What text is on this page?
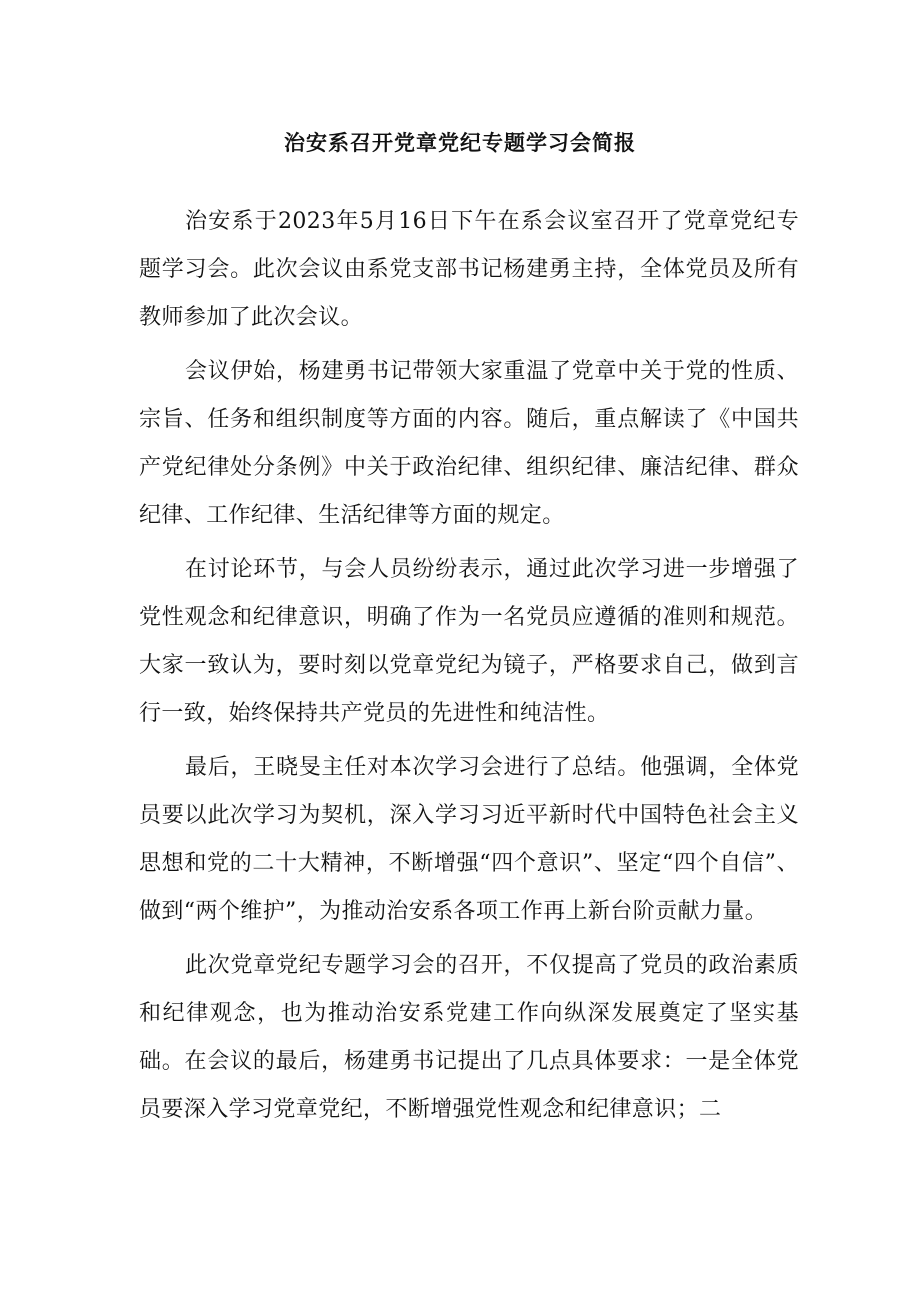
治安系召开党章党纪专题学习会简报

治安系于2023年5月16日下午在系会议室召开了党章党纪专题学习会。此次会议由系党支部书记杨建勇主持，全体党员及所有教师参加了此次会议。

会议伊始，杨建勇书记带领大家重温了党章中关于党的性质、宗旨、任务和组织制度等方面的内容。随后，重点解读了《中国共产党纪律处分条例》中关于政治纪律、组织纪律、廉洁纪律、群众纪律、工作纪律、生活纪律等方面的规定。

在讨论环节，与会人员纷纷表示，通过此次学习进一步增强了党性观念和纪律意识，明确了作为一名党员应遵循的准则和规范。大家一致认为，要时刻以党章党纪为镜子，严格要求自己，做到言行一致，始终保持共产党员的先进性和纯洁性。

最后，王晓旻主任对本次学习会进行了总结。他强调，全体党员要以此次学习为契机，深入学习习近平新时代中国特色社会主义思想和党的二十大精神，不断增强“四个意识”、坚定“四个自信”、做到“两个维护”，为推动治安系各项工作再上新台阶贡献力量。

此次党章党纪专题学习会的召开，不仅提高了党员的政治素质和纪律观念，也为推动治安系党建工作向纵深发展奠定了坚实基础。在会议的最后，杨建勇书记提出了几点具体要求：一是全体党员要深入学习党章党纪，不断增强党性观念和纪律意识；二
